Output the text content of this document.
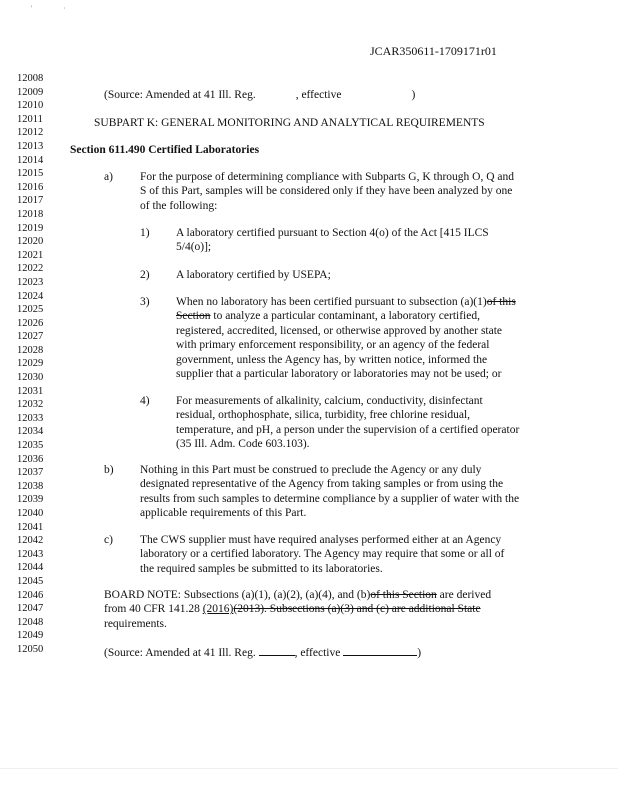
'	·
JCAR350611-1709171r01
12008
12009
12010
12011
12012
12013
12014
12015
12016
12017
12018
12019
12020
12021
12022
12023
12024
12025
12026
12027
12028
12029
12030
12031
12032
12033
12034
12035
12036
12037
12038
12039
12040
12041
12042
12043
12044
12045
12046
12047
12048
12049
12050
(Source: Amended at 41 Ill. Reg.	, effective	)
SUBPART K: GENERAL MONITORING AND ANALYTICAL REQUIREMENTS
Section 611.490 Certified Laboratories
a) For the purpose of determining compliance with Subparts G, K through O, Q and
S of this Part, samples will be considered only if they have been analyzed by one
of the following:
1) A laboratory certified pursuant to Section 4(o) of the Act [415 ILCS
5/4(o)];
2) A laboratory certified by USEPA;
3) When no laboratory has been certified pursuant to subsection (a)(1)of this
Section to analyze a particular contaminant, a laboratory certified,
registered, accredited, licensed, or otherwise approved by another state
with primary enforcement responsibility, or an agency of the federal
government, unless the Agency has, by written notice, informed the
supplier that a particular laboratory or laboratories may not be used; or
4) For measurements of alkalinity, calcium, conductivity, disinfectant
residual, orthophosphate, silica, turbidity, free chlorine residual,
temperature, and pH, a person under the supervision of a certified operator
(35 Ill. Adm. Code 603.103).
b) Nothing in this Part must be construed to preclude the Agency or any duly
designated representative of the Agency from taking samples or from using the
results from such samples to determine compliance by a supplier of water with the
applicable requirements of this Part.
c) The CWS supplier must have required analyses performed either at an Agency
laboratory or a certified laboratory. The Agency may require that some or all of
the required samples be submitted to its laboratories.
BOARD NOTE: Subsections (a)(1), (a)(2), (a)(4), and (b)of this Section are derived
from 40 CFR 141.28 (2016)(2013). Subsections (a)(3) and (c) are additional State
requirements.
(Source: Amended at 41 Ill. Reg.	, effective	)
